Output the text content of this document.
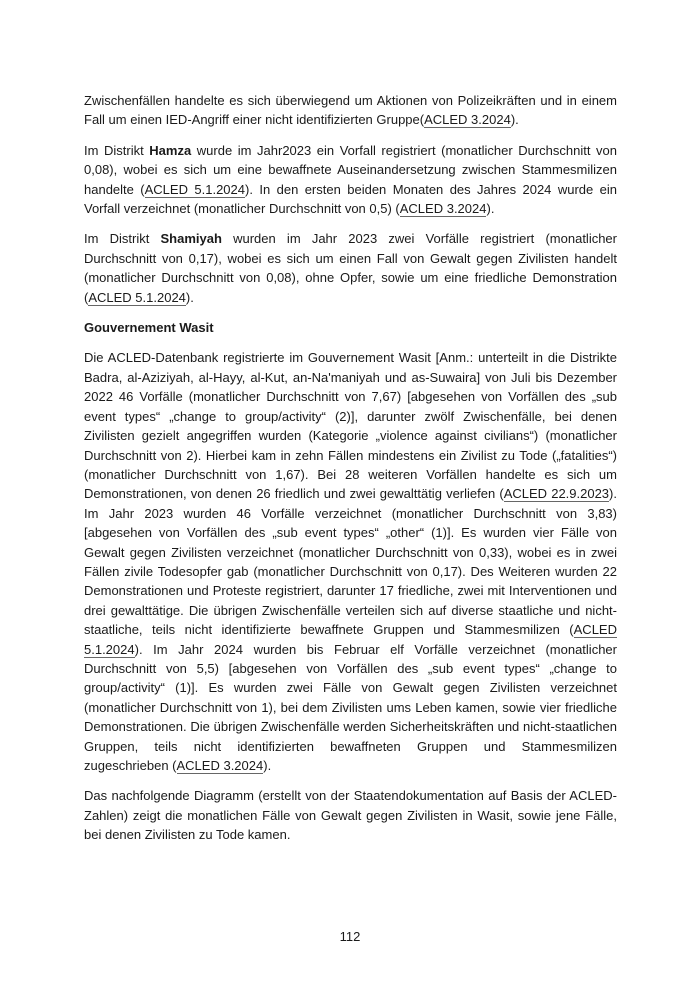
Zwischenfällen handelte es sich überwiegend um Aktionen von Polizeikräften und in einem Fall um einen IED-Angriff einer nicht identifizierten Gruppe(ACLED 3.2024).

Im Distrikt Hamza wurde im Jahr2023 ein Vorfall registriert (monatlicher Durchschnitt von 0,08), wobei es sich um eine bewaffnete Auseinandersetzung zwischen Stammesmilizen handelte (ACLED 5.1.2024). In den ersten beiden Monaten des Jahres 2024 wurde ein Vorfall verzeichnet (monatlicher Durchschnitt von 0,5) (ACLED 3.2024).

Im Distrikt Shamiyah wurden im Jahr 2023 zwei Vorfälle registriert (monatlicher Durchschnitt von 0,17), wobei es sich um einen Fall von Gewalt gegen Zivilisten handelt (monatlicher Durchschnitt von 0,08), ohne Opfer, sowie um eine friedliche Demonstration (ACLED 5.1.2024).

Gouvernement Wasit

Die ACLED-Datenbank registrierte im Gouvernement Wasit [Anm.: unterteilt in die Distrikte Badra, al-Aziziyah, al-Hayy, al-Kut, an-Na'maniyah und as-Suwaira] von Juli bis Dezember 2022 46 Vorfälle (monatlicher Durchschnitt von 7,67) [abgesehen von Vorfällen des „sub event types“ „change to group/activity“ (2)], darunter zwölf Zwischenfälle, bei denen Zivilisten gezielt angegriffen wurden (Kategorie „violence against civilians“) (monatlicher Durchschnitt von 2). Hierbei kam in zehn Fällen mindestens ein Zivilist zu Tode („fatalities“) (monatlicher Durchschnitt von 1,67). Bei 28 weiteren Vorfällen handelte es sich um Demonstrationen, von denen 26 friedlich und zwei gewalttätig verliefen (ACLED 22.9.2023). Im Jahr 2023 wurden 46 Vorfälle verzeichnet (monatlicher Durchschnitt von 3,83) [abgesehen von Vorfällen des „sub event types“ „other“ (1)]. Es wurden vier Fälle von Gewalt gegen Zivilisten verzeichnet (monatlicher Durchschnitt von 0,33), wobei es in zwei Fällen zivile Todesopfer gab (monatlicher Durchschnitt von 0,17). Des Weiteren wurden 22 Demonstrationen und Proteste registriert, darunter 17 friedliche, zwei mit Interventionen und drei gewalttätige. Die übrigen Zwischenfälle verteilen sich auf diverse staatliche und nicht-staatliche, teils nicht identifizierte bewaffnete Gruppen und Stammesmilizen (ACLED 5.1.2024). Im Jahr 2024 wurden bis Februar elf Vorfälle verzeichnet (monatlicher Durchschnitt von 5,5) [abgesehen von Vorfällen des „sub event types“ „change to group/activity“ (1)]. Es wurden zwei Fälle von Gewalt gegen Zivilisten verzeichnet (monatlicher Durchschnitt von 1), bei dem Zivilisten ums Leben kamen, sowie vier friedliche Demonstrationen. Die übrigen Zwischenfälle werden Sicherheitskräften und nicht-staatlichen Gruppen, teils nicht identifizierten bewaffneten Gruppen und Stammesmilizen zugeschrieben (ACLED 3.2024).

Das nachfolgende Diagramm (erstellt von der Staatendokumentation auf Basis der ACLED-Zahlen) zeigt die monatlichen Fälle von Gewalt gegen Zivilisten in Wasit, sowie jene Fälle, bei denen Zivilisten zu Tode kamen.

112
